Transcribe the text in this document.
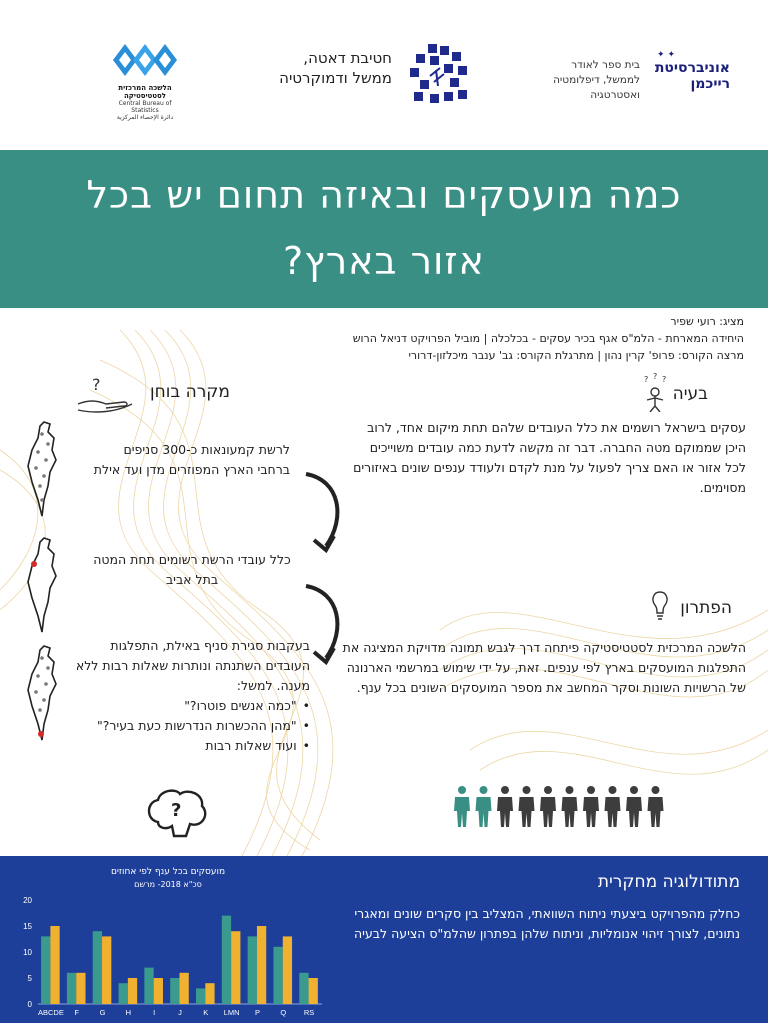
הלשכה המרכזית לסטטיסטיקה
Central Bureau of Statistics
دائرة الإحصاء المركزية
חטיבת דאטה,
ממשל ודמוקרטיה
✦ ✦
אוניברסיטת
רייכמן
בית ספר לאודר
לממשל, דיפלומטיה
ואסטרטגיה
כמה מועסקים ובאיזה תחום יש בכל
אזור בארץ?
מציג: רועי שפיר
היחידה המארחת - הלמ"ס אגף בכיר עסקים - בכלכלה | מוביל הפרויקט דניאל הרוש
מרצה הקורס: פרופ' קרין נהון | מתרגלת הקורס: גב' ענבר מיכלזון-דרורי
? ? ?
בעיה
עסקים בישראל רושמים את כלל העובדים שלהם תחת מיקום אחד, לרוב היכן שממוקם מטה החברה. דבר זה מקשה לדעת כמה עובדים משוייכים לכל אזור או האם צריך לפעול על מנת לקדם ולעודד ענפים שונים באיזורים מסוימים.
הפתרון
הלשכה המרכזית לסטטיסטיקה פיתחה דרך לגבש תמונה מדויקת המציגה את התפלגות המועסקים בארץ לפי ענפים. זאת, על ידי שימוש במרשמי הארנונה של הרשויות השונות וסקר המחשב את מספר המועסקים השונים בכל ענף.
?	מקרה בוחן
לרשת קמעונאות כ-300 סניפים ברחבי הארץ המפוזרים מדן ועד אילת
כלל עובדי הרשת רשומים תחת המטה בתל אביב
בעקבות סגירת סניף באילת, התפלגות העובדים השתנתה ונותרות שאלות רבות ללא מענה. למשל:
• "כמה אנשים פוטרו?"
• "מהן ההכשרות הנדרשות כעת בעיר?"
• ועוד שאלות רבות
?
מתודולוגיה מחקרית
כחלק מהפרויקט ביצעתי ניתוח השוואתי, המצליב בין סקרים שונים ומאגרי נתונים, לצורך זיהוי אנומליות, וניתוח שלהן בפתרון שהלמ"ס הציעה לבעיה
מועסקים בכל ענף לפי אחוזים
סכ"א 2018- מרשם
0
5
10
15
20
ABCDE F	G	H	I	J	K LMN P	Q RS
